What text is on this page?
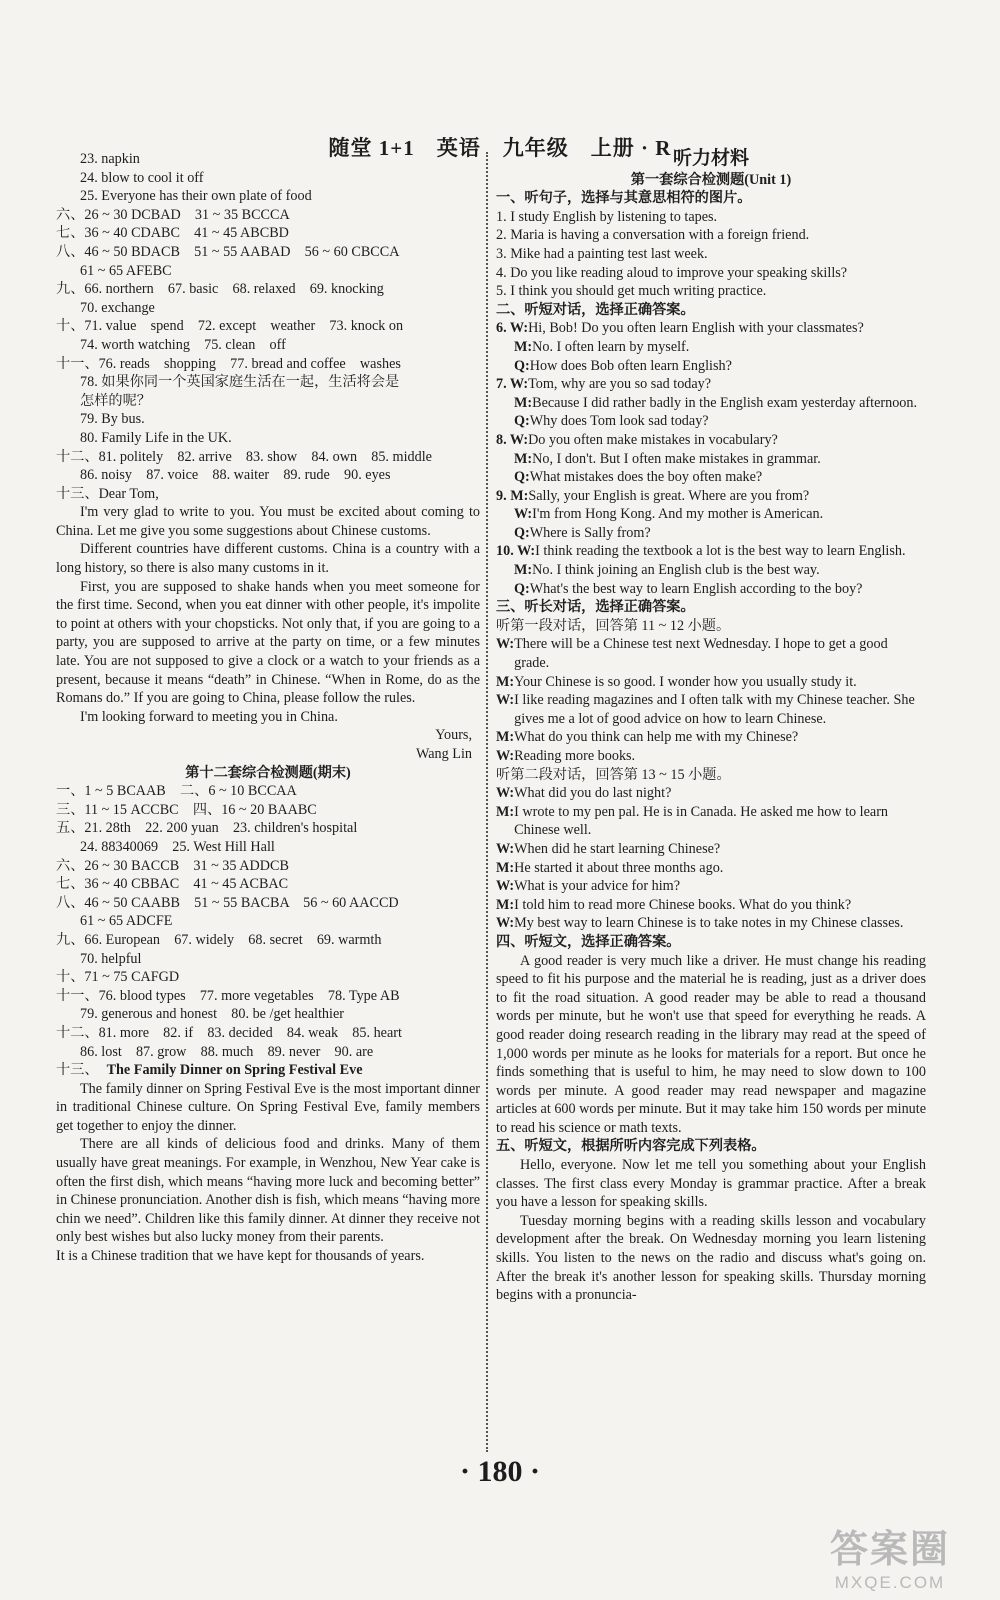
随堂 1+1　英语　九年级　上册 · R
23. napkin
24. blow to cool it off
25. Everyone has their own plate of food
六、26 ~ 30 DCBAD　31 ~ 35 BCCCA
七、36 ~ 40 CDABC　41 ~ 45 ABCBD
八、46 ~ 50 BDACB　51 ~ 55 AABAD　56 ~ 60 CBCCA
61 ~ 65 AFEBC
九、66. northern　67. basic　68. relaxed　69. knocking
70. exchange
十、71. value　spend　72. except　weather　73. knock on
74. worth watching　75. clean　off
十一、76. reads　shopping　77. bread and coffee　washes
78. 如果你同一个英国家庭生活在一起，生活将会是
怎样的呢？
79. By bus.
80. Family Life in the UK.
十二、81. politely　82. arrive　83. show　84. own　85. middle
86. noisy　87. voice　88. waiter　89. rude　90. eyes
十三、Dear Tom,
I'm very glad to write to you. You must be excited about coming to China. Let me give you some suggestions about Chinese customs.
Different countries have different customs. China is a country with a long history, so there is also many customs in it.
First, you are supposed to shake hands when you meet someone for the first time. Second, when you eat dinner with other people, it's impolite to point at others with your chopsticks. Not only that, if you are going to a party, you are supposed to arrive at the party on time, or a few minutes late. You are not supposed to give a clock or a watch to your friends as a present, because it means “death” in Chinese. “When in Rome, do as the Romans do.” If you are going to China, please follow the rules.
I'm looking forward to meeting you in China.
Yours,
Wang Lin
第十二套综合检测题(期末)
一、1 ~ 5 BCAAB　二、6 ~ 10 BCCAA
三、11 ~ 15 ACCBC　四、16 ~ 20 BAABC
五、21. 28th　22. 200 yuan　23. children's hospital
24. 88340069　25. West Hill Hall
六、26 ~ 30 BACCB　31 ~ 35 ADDCB
七、36 ~ 40 CBBAC　41 ~ 45 ACBAC
八、46 ~ 50 CAABB　51 ~ 55 BACBA　56 ~ 60 AACCD
61 ~ 65 ADCFE
九、66. European　67. widely　68. secret　69. warmth
70. helpful
十、71 ~ 75 CAFGD
十一、76. blood types　77. more vegetables　78. Type AB
79. generous and honest　80. be /get healthier
十二、81. more　82. if　83. decided　84. weak　85. heart
86. lost　87. grow　88. much　89. never　90. are
十三、 The Family Dinner on Spring Festival Eve
The family dinner on Spring Festival Eve is the most important dinner in traditional Chinese culture. On Spring Festival Eve, family members get together to enjoy the dinner.
There are all kinds of delicious food and drinks. Many of them usually have great meanings. For example, in Wenzhou, New Year cake is often the first dish, which means “having more luck and becoming better” in Chinese pronunciation. Another dish is fish, which means “having more chin we need”. Children like this family dinner. At dinner they receive not only best wishes but also lucky money from their parents.
It is a Chinese tradition that we have kept for thousands of years.
听力材料
第一套综合检测题(Unit 1)
一、听句子，选择与其意思相符的图片。
1. I study English by listening to tapes.
2. Maria is having a conversation with a foreign friend.
3. Mike had a painting test last week.
4. Do you like reading aloud to improve your speaking skills?
5. I think you should get much writing practice.
二、听短对话，选择正确答案。
6. W: Hi, Bob! Do you often learn English with your classmates?
M: No. I often learn by myself.
Q: How does Bob often learn English?
7. W: Tom, why are you so sad today?
M: Because I did rather badly in the English exam yesterday afternoon.
Q: Why does Tom look sad today?
8. W: Do you often make mistakes in vocabulary?
M: No, I don't. But I often make mistakes in grammar.
Q: What mistakes does the boy often make?
9. M: Sally, your English is great. Where are you from?
W: I'm from Hong Kong. And my mother is American.
Q: Where is Sally from?
10. W: I think reading the textbook a lot is the best way to learn English.
M: No. I think joining an English club is the best way.
Q: What's the best way to learn English according to the boy?
三、听长对话，选择正确答案。
听第一段对话，回答第 11 ~ 12 小题。
W: There will be a Chinese test next Wednesday. I hope to get a good grade.
M: Your Chinese is so good. I wonder how you usually study it.
W: I like reading magazines and I often talk with my Chinese teacher. She gives me a lot of good advice on how to learn Chinese.
M: What do you think can help me with my Chinese?
W: Reading more books.
听第二段对话，回答第 13 ~ 15 小题。
W: What did you do last night?
M: I wrote to my pen pal. He is in Canada. He asked me how to learn Chinese well.
W: When did he start learning Chinese?
M: He started it about three months ago.
W: What is your advice for him?
M: I told him to read more Chinese books. What do you think?
W: My best way to learn Chinese is to take notes in my Chinese classes.
四、听短文，选择正确答案。
A good reader is very much like a driver. He must change his reading speed to fit his purpose and the material he is reading, just as a driver does to fit the road situation. A good reader may be able to read a thousand words per minute, but he won't use that speed for everything he reads. A good reader doing research reading in the library may read at the speed of 1,000 words per minute as he looks for materials for a report. But once he finds something that is useful to him, he may need to slow down to 100 words per minute. A good reader may read newspaper and magazine articles at 600 words per minute. But it may take him 150 words per minute to read his science or math texts.
五、听短文，根据所听内容完成下列表格。
Hello, everyone. Now let me tell you something about your English classes. The first class every Monday is grammar practice. After a break you have a lesson for speaking skills.
Tuesday morning begins with a reading skills lesson and vocabulary development after the break. On Wednesday morning you learn listening skills. You listen to the news on the radio and discuss what's going on. After the break it's another lesson for speaking skills. Thursday morning begins with a pronuncia-
· 180 ·
答案圈
MXQE.COM
